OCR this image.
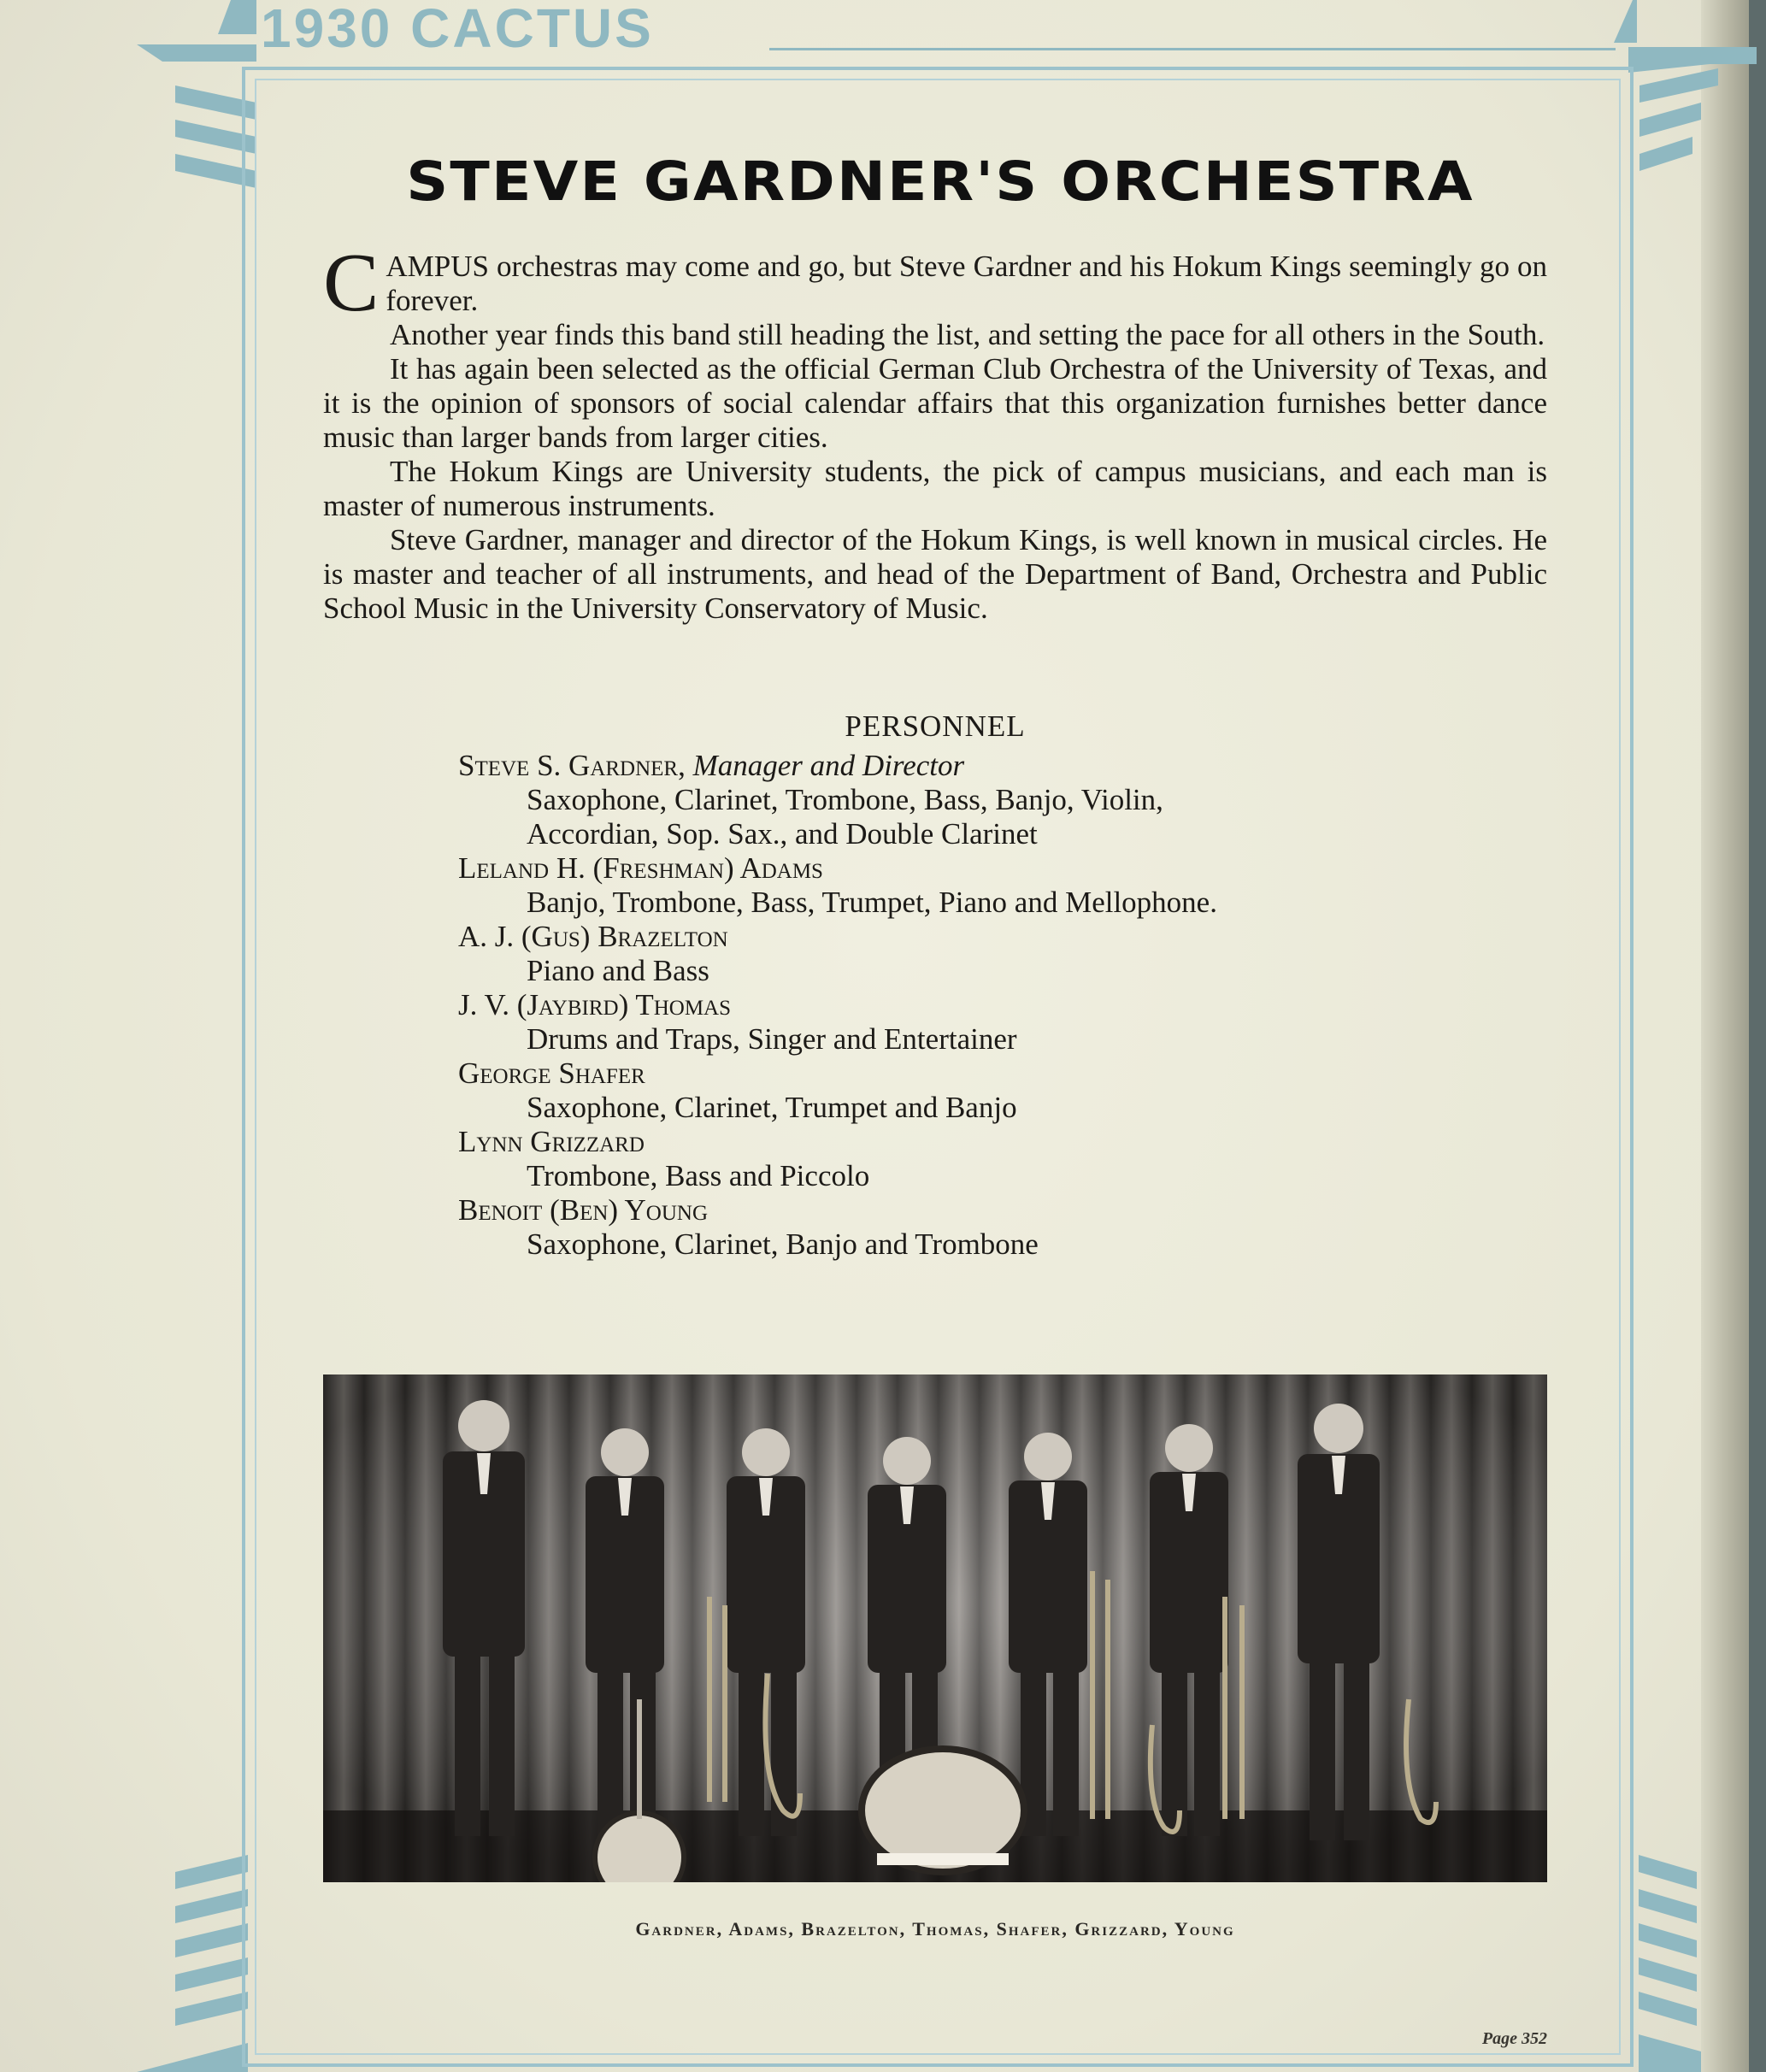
1930 CACTUS
STEVE GARDNER'S ORCHESTRA

CAMPUS orchestras may come and go, but Steve Gardner and his Hokum Kings seemingly go on forever.

Another year finds this band still heading the list, and setting the pace for all others in the South.

It has again been selected as the official German Club Orchestra of the University of Texas, and it is the opinion of sponsors of social calendar affairs that this organization furnishes better dance music than larger bands from larger cities.

The Hokum Kings are University students, the pick of campus musicians, and each man is master of numerous instruments.

Steve Gardner, manager and director of the Hokum Kings, is well known in musical circles. He is master and teacher of all instruments, and head of the Department of Band, Orchestra and Public School Music in the University Conservatory of Music.

PERSONNEL
Steve S. Gardner, Manager and Director
Saxophone, Clarinet, Trombone, Bass, Banjo, Violin,
Accordian, Sop. Sax., and Double Clarinet
Leland H. (Freshman) Adams
Banjo, Trombone, Bass, Trumpet, Piano and Mellophone.
A. J. (Gus) Brazelton
Piano and Bass
J. V. (Jaybird) Thomas
Drums and Traps, Singer and Entertainer
George Shafer
Saxophone, Clarinet, Trumpet and Banjo
Lynn Grizzard
Trombone, Bass and Piccolo
Benoit (Ben) Young
Saxophone, Clarinet, Banjo and Trombone
Gardner, Adams, Brazelton, Thomas, Shafer, Grizzard, Young
Page 352
